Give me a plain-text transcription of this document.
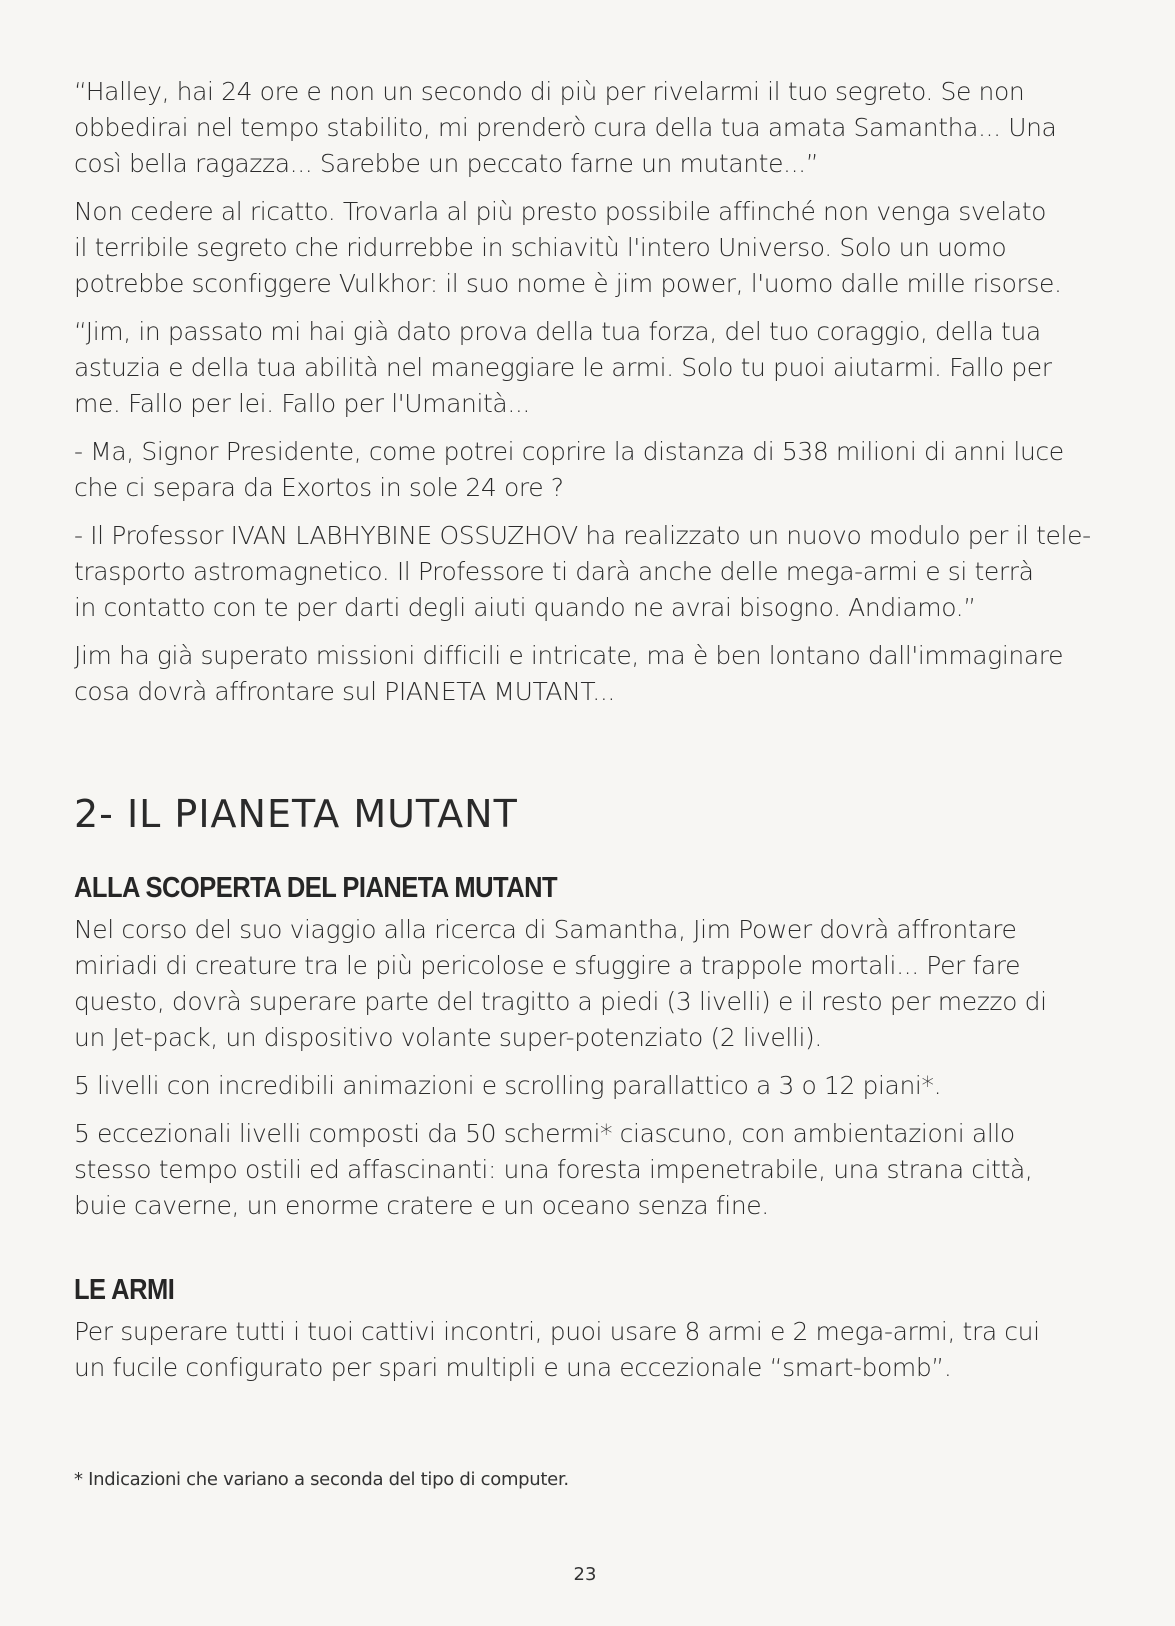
“Halley, hai 24 ore e non un secondo di più per rivelarmi il tuo segreto. Se non
obbedirai nel tempo stabilito, mi prenderò cura della tua amata Samantha... Una
così bella ragazza... Sarebbe un peccato farne un mutante...”

Non cedere al ricatto. Trovarla al più presto possibile affinché non venga svelato
il terribile segreto che ridurrebbe in schiavitù l'intero Universo. Solo un uomo
potrebbe sconfiggere Vulkhor: il suo nome è jim power, l'uomo dalle mille risorse.

“Jim, in passato mi hai già dato prova della tua forza, del tuo coraggio, della tua
astuzia e della tua abilità nel maneggiare le armi. Solo tu puoi aiutarmi. Fallo per
me. Fallo per lei. Fallo per l'Umanità...

- Ma, Signor Presidente, come potrei coprire la distanza di 538 milioni di anni luce
che ci separa da Exortos in sole 24 ore ?

- Il Professor IVAN LABHYBINE OSSUZHOV ha realizzato un nuovo modulo per il tele-
trasporto astromagnetico. Il Professore ti darà anche delle mega-armi e si terrà
in contatto con te per darti degli aiuti quando ne avrai bisogno. Andiamo.”

Jim ha già superato missioni difficili e intricate, ma è ben lontano dall'immaginare
cosa dovrà affrontare sul PIANETA MUTANT...

2- IL PIANETA MUTANT
ALLA SCOPERTA DEL PIANETA MUTANT

Nel corso del suo viaggio alla ricerca di Samantha, Jim Power dovrà affrontare
miriadi di creature tra le più pericolose e sfuggire a trappole mortali... Per fare
questo, dovrà superare parte del tragitto a piedi (3 livelli) e il resto per mezzo di
un Jet-pack, un dispositivo volante super-potenziato (2 livelli).

5 livelli con incredibili animazioni e scrolling parallattico a 3 o 12 piani*.

5 eccezionali livelli composti da 50 schermi* ciascuno, con ambientazioni allo
stesso tempo ostili ed affascinanti: una foresta impenetrabile, una strana città,
buie caverne, un enorme cratere e un oceano senza fine.

LE ARMI

Per superare tutti i tuoi cattivi incontri, puoi usare 8 armi e 2 mega-armi, tra cui
un fucile configurato per spari multipli e una eccezionale “smart-bomb”.

* Indicazioni che variano a seconda del tipo di computer.
23
